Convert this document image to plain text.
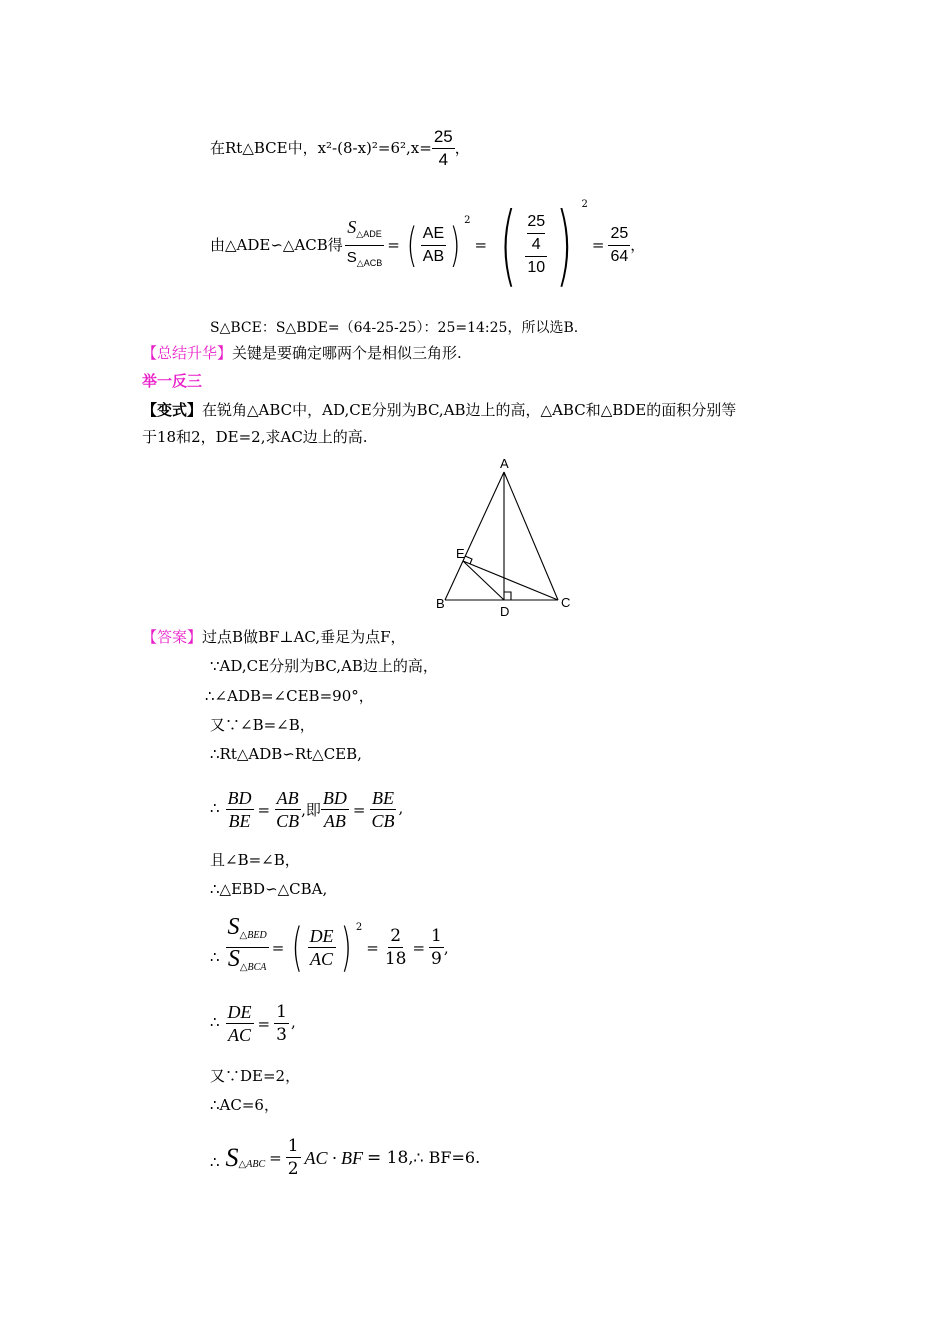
在Rt△BCE中，$x^2-(8-x)^2=6^2,x= \frac{25}{4}$ ，
由△ADE∽△ACB得 $\frac{S_{\triangle ADE}}{S_{\triangle ACB}}$ = ( $\frac{AE}{AB}$ ) 2
= ( 25
4
10 ) 2
= $\frac{25}{64}$ ，
S△BCE：S△BDE=（64-25-25）：25=14:25，所以选B.
【总结升华】关键是要确定哪两个是相似三角形.
举一反三
【变式】在锐角△ABC中，AD,CE分别为BC,AB边上的高，△ABC和△BDE的面积分别等
于18和2，DE=2,求AC边上的高.
A
B	C
D
E
【答案】过点B做BF⊥AC,垂足为点F，
∵AD,CE分别为BC,AB边上的高，
∴∠ADB=∠CEB=90°，
又∵∠B=∠B，
∴Rt△ADB∽Rt△CEB,
∴ $\frac{BD}{BE} = \frac{AB}{CB}$ ,即 $\frac{BD}{AB} = \frac{BE}{CB}$ ,
且∠B=∠B，
∴△EBD∽△CBA,
∴ $\frac{S_{\triangle BED}}{S_{\triangle BCA}}$ = ( $\frac{DE}{AC}$ ) $^2$
= $\frac{2}{18} = \frac{1}{9}$ ,
∴ $\frac{DE}{AC} = \frac{1}{3}$ ,
又∵DE=2，
∴AC=6，
∴ $S_{\triangle ABC} = \frac{1}{2}$ AC · BF = 18 ,∴ BF=6.
